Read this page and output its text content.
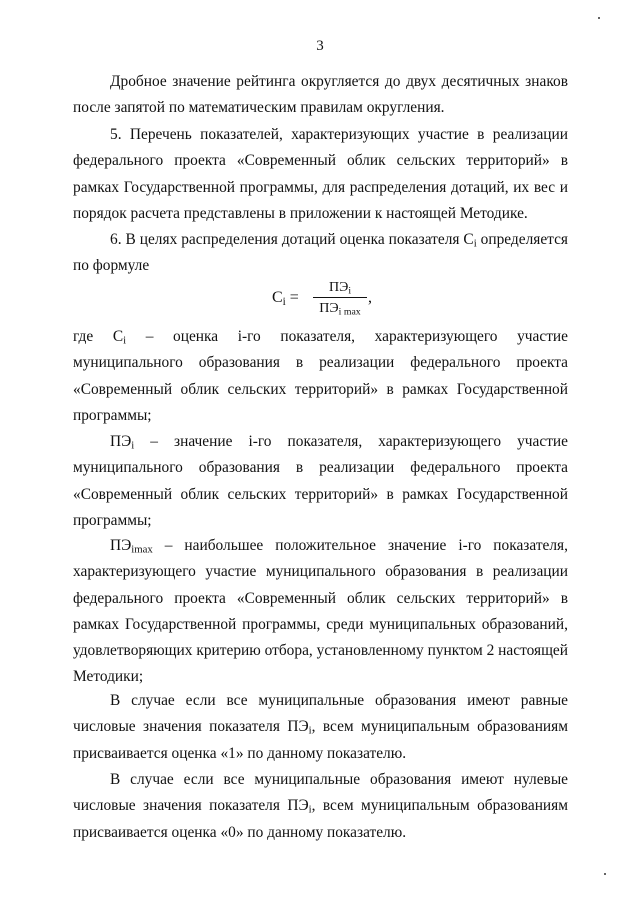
3

Дробное значение рейтинга округляется до двух десятичных знаков после запятой по математическим правилам округления.

5. Перечень показателей, характеризующих участие в реализации федерального проекта «Современный облик сельских территорий» в рамках Государственной программы, для распределения дотаций, их вес и порядок расчета представлены в приложении к настоящей Методике.

6. В целях распределения дотаций оценка показателя $С_i$ определяется по формуле

$С_i$ =
$ПЭ_i$
$ПЭ_{i max}$
,

где $С_i$ – оценка i-го показателя, характеризующего участие муниципального образования в реализации федерального проекта «Современный облик сельских территорий» в рамках Государственной программы;

$ПЭ_i$ – значение i-го показателя, характеризующего участие муниципального образования в реализации федерального проекта «Современный облик сельских территорий» в рамках Государственной программы;

$ПЭ_{imax}$ – наибольшее положительное значение i-го показателя, характеризующего участие муниципального образования в реализации федерального проекта «Современный облик сельских территорий» в рамках Государственной программы, среди муниципальных образований, удовлетворяющих критерию отбора, установленному пунктом 2 настоящей Методики;

В случае если все муниципальные образования имеют равные числовые значения показателя $ПЭ_i$, всем муниципальным образованиям присваивается оценка «1» по данному показателю.

В случае если все муниципальные образования имеют нулевые числовые значения показателя $ПЭ_i$, всем муниципальным образованиям присваивается оценка «0» по данному показателю.
